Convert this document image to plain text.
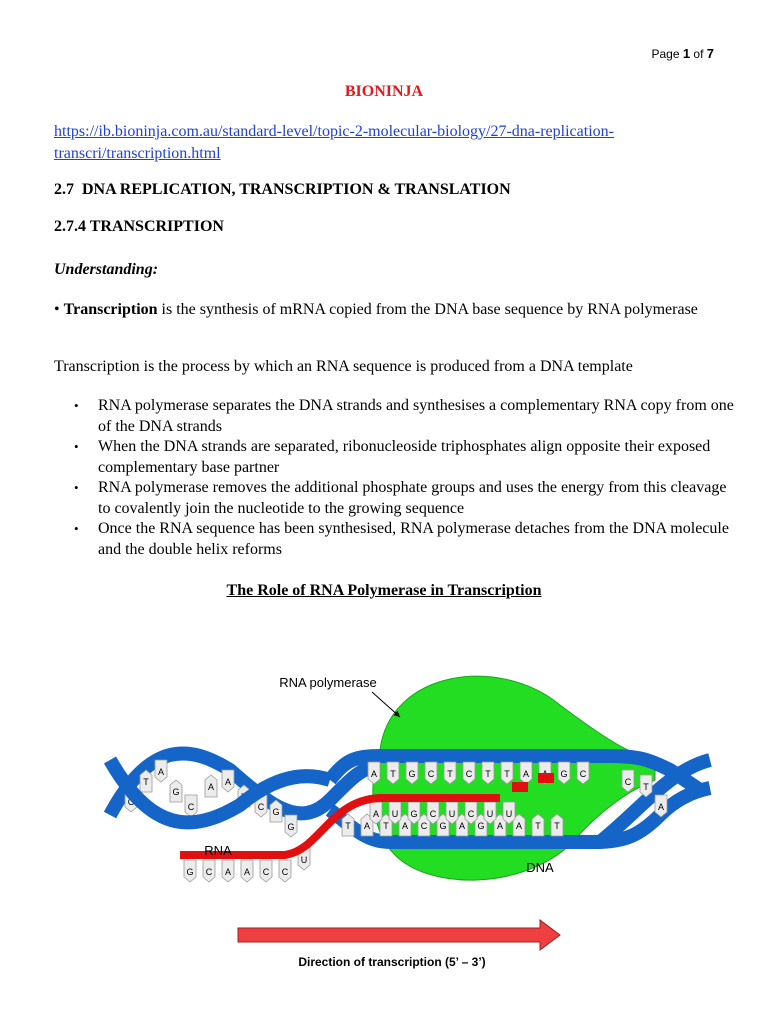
Page 1 of 7
BIONINJA
https://ib.bioninja.com.au/standard-level/topic-2-molecular-biology/27-dna-replication-transcri/transcription.html
2.7  DNA REPLICATION, TRANSCRIPTION & TRANSLATION
2.7.4 TRANSCRIPTION
Understanding:
• Transcription is the synthesis of mRNA copied from the DNA base sequence by RNA polymerase
Transcription is the process by which an RNA sequence is produced from a DNA template
• RNA polymerase separates the DNA strands and synthesises a complementary RNA copy from one of the DNA strands
• When the DNA strands are separated, ribonucleoside triphosphates align opposite their exposed complementary base partner
• RNA polymerase removes the additional phosphate groups and uses the energy from this cleavage to covalently join the nucleotide to the growing sequence
• Once the RNA sequence has been synthesised, RNA polymerase detaches from the DNA molecule and the double helix reforms
The Role of RNA Polymerase in Transcription
C
T
A
G
C
A A
T
C G
G
A T G C T C T T A	G C
T A T A C G A G A A T T
A U G C U C U U
G C A A C C
U
C T
A
RNA polymerase
RNA
DNA
Direction of transcription (5’ – 3’)
